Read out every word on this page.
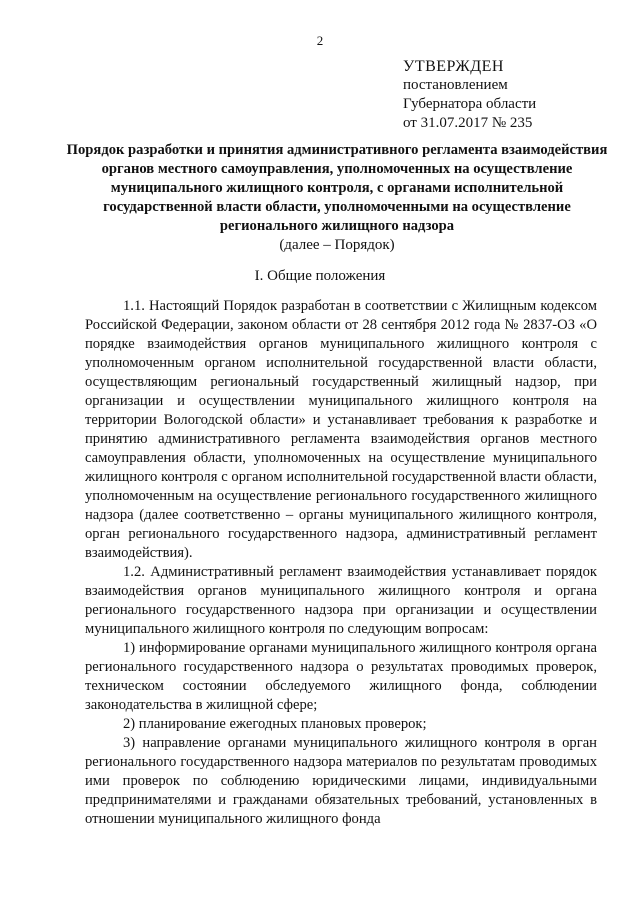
2
УТВЕРЖДЕН
постановлением
Губернатора области
от 31.07.2017 № 235
Порядок разработки и принятия административного регламента взаимодействия органов местного самоуправления, уполномоченных на осуществление муниципального жилищного контроля, с органами исполнительной государственной власти области, уполномоченными на осуществление регионального жилищного надзора
(далее – Порядок)
I. Общие положения

1.1. Настоящий Порядок разработан в соответствии с Жилищным кодексом Российской Федерации, законом области от 28 сентября 2012 года № 2837-ОЗ «О порядке взаимодействия органов муниципального жилищного контроля с уполномоченным органом исполнительной государственной власти области, осуществляющим региональный государственный жилищный надзор, при организации и осуществлении муниципального жилищного контроля на территории Вологодской области» и устанавливает требования к разработке и принятию административного регламента взаимодействия органов местного самоуправления области, уполномоченных на осуществление муниципального жилищного контроля с органом исполнительной государственной власти области, уполномоченным на осуществление регионального государственного жилищного надзора (далее соответственно – органы муниципального жилищного контроля, орган регионального государственного надзора, административный регламент взаимодействия).

1.2. Административный регламент взаимодействия устанавливает порядок взаимодействия органов муниципального жилищного контроля и органа регионального государственного надзора при организации и осуществлении муниципального жилищного контроля по следующим вопросам:

1) информирование органами муниципального жилищного контроля органа регионального государственного надзора о результатах проводимых проверок, техническом состоянии обследуемого жилищного фонда, соблюдении законодательства в жилищной сфере;

2) планирование ежегодных плановых проверок;

3) направление органами муниципального жилищного контроля в орган регионального государственного надзора материалов по результатам проводимых ими проверок по соблюдению юридическими лицами, индивидуальными предпринимателями и гражданами обязательных требований, установленных в отношении муниципального жилищного фонда
